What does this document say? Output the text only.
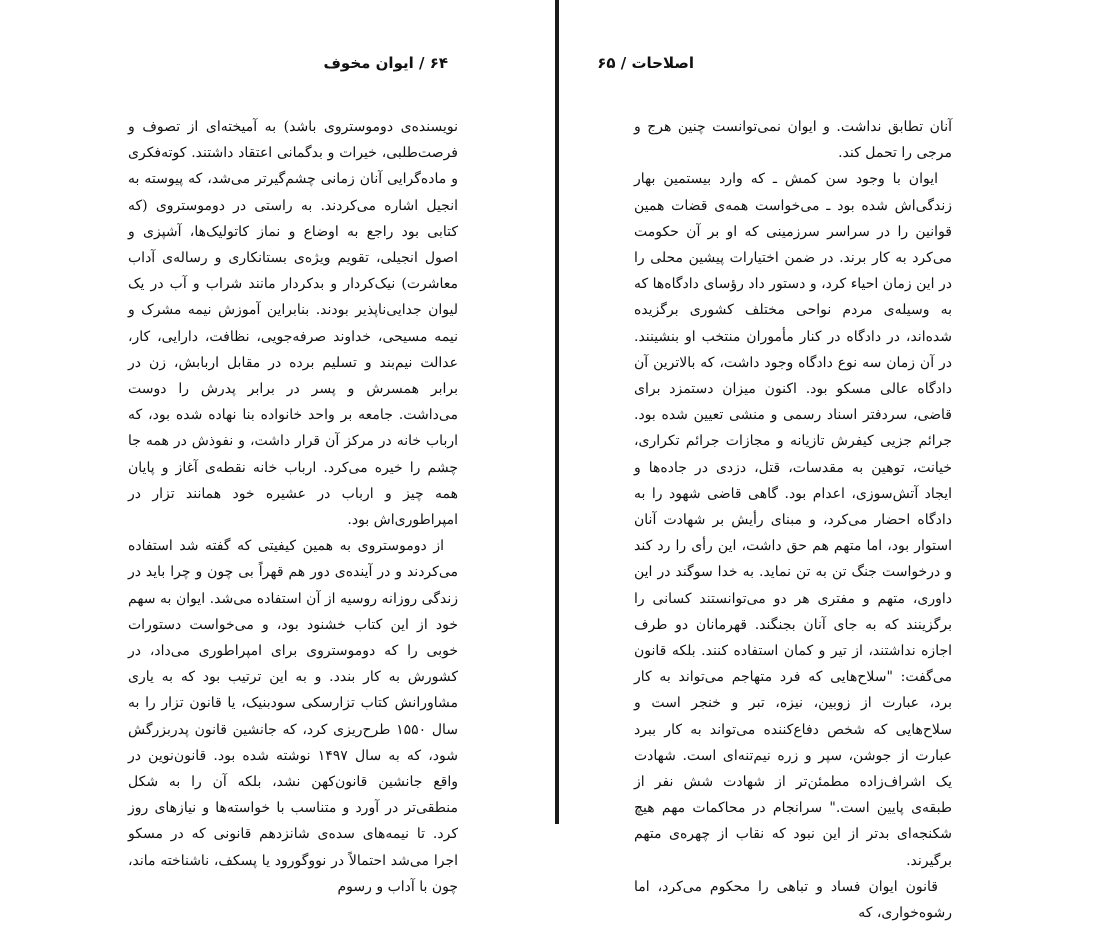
۶۴ / ایوان مخوف

نویسنده‌ی دوموستروی باشد) به آمیخته‌ای از تصوف و فرصت‌طلبی، خیرات و بدگمانی اعتقاد داشتند. کوته‌فکری و ماده‌گرایی آنان زمانی چشم‌گیرتر می‌شد، که پیوسته به انجیل اشاره می‌کردند. به راستی در دوموستروی (که کتابی بود راجع به اوضاع و نماز کاتولیک‌ها، آشپزی و اصول انجیلی، تقویم ویژه‌ی بستانکاری و رساله‌ی آداب معاشرت) نیک‌کردار و بدکردار مانند شراب و آب در یک لیوان جدایی‌ناپذیر بودند. بنابراین آموزش نیمه مشرک و نیمه مسیحی، خداوند صرفه‌جویی، نظافت، دارایی، کار، عدالت نیم‌بند و تسلیم برده در مقابل اربابش، زن در برابر همسرش و پسر در برابر پدرش را دوست می‌داشت. جامعه بر واحد خانواده بنا نهاده شده بود، که ارباب خانه در مرکز آن قرار داشت، و نفوذش در همه جا چشم را خیره می‌کرد. ارباب خانه نقطه‌ی آغاز و پایان همه چیز و ارباب در عشیره خود همانند تزار در امپراطوری‌اش بود.

از دوموستروی به همین کیفیتی که گفته شد استفاده می‌کردند و در آینده‌ی دور هم قهراً بی چون و چرا باید در زندگی روزانه روسیه از آن استفاده می‌شد. ایوان به سهم خود از این کتاب خشنود بود، و می‌خواست دستورات خوبی را که دوموستروی برای امپراطوری می‌داد، در کشورش به کار بندد. و به این ترتیب بود که به یاری مشاورانش کتاب تزارسکی سودبنیک، یا قانون تزار را به سال ۱۵۵۰ طرح‌ریزی کرد، که جانشین قانون پدربزرگش شود، که به سال ۱۴۹۷ نوشته شده بود. قانون‌نوین در واقع جانشین قانون‌کهن نشد، بلکه آن را به شکل منطقی‌تر در آورد و متناسب با خواسته‌ها و نیازهای روز کرد. تا نیمه‌های سده‌ی شانزدهم قانونی که در مسکو اجرا می‌شد احتمالاً در نووگورود یا پسکف، ناشناخته ماند، چون با آداب و رسوم

اصلاحات / ۶۵

آنان تطابق نداشت. و ایوان نمی‌توانست چنین هرج و مرجی را تحمل کند.

ایوان با وجود سن کمش ـ که وارد بیستمین بهار زندگی‌اش شده بود ـ می‌خواست همه‌ی قضات همین قوانین را در سراسر سرزمینی که او بر آن حکومت می‌کرد به کار برند. در ضمن اختیارات پیشین محلی را در این زمان احیاء کرد، و دستور داد رؤسای دادگاه‌ها که به وسیله‌ی مردم نواحی مختلف کشوری برگزیده شده‌اند، در دادگاه در کنار مأموران منتخب او بنشینند. در آن زمان سه نوع دادگاه وجود داشت، که بالاترین آن دادگاه عالی مسکو بود. اکنون میزان دستمزد برای قاضی، سردفتر اسناد رسمی و منشی تعیین شده بود. جرائم جزیی کیفرش تازیانه و مجازات جرائم تکراری، خیانت، توهین به مقدسات، قتل، دزدی در جاده‌ها و ایجاد آتش‌سوزی، اعدام بود. گاهی قاضی شهود را به دادگاه احضار می‌کرد، و مبنای رأیش بر شهادت آنان استوار بود، اما متهم هم حق داشت، این رأی را رد کند و درخواست جنگ تن به تن نماید. به خدا سوگند در این داوری، متهم و مفتری هر دو می‌توانستند کسانی را برگزینند که به جای آنان بجنگند. قهرمانان دو طرف اجازه نداشتند، از تیر و کمان استفاده کنند. بلکه قانون می‌گفت: "سلاح‌هایی که فرد متهاجم می‌تواند به کار برد، عبارت از زوبین، نیزه، تبر و خنجر است و سلاح‌هایی که شخص دفاع‌کننده می‌تواند به کار ببرد عبارت از جوشن، سپر و زره نیم‌تنه‌ای است. شهادت یک اشراف‌زاده مطمئن‌تر از شهادت شش نفر از طبقه‌ی پایین است." سرانجام در محاکمات مهم هیچ شکنجه‌ای بدتر از این نبود که نقاب از چهره‌ی متهم برگیرند.

قانون ایوان فساد و تباهی را محکوم می‌کرد، اما رشوه‌خواری، که
